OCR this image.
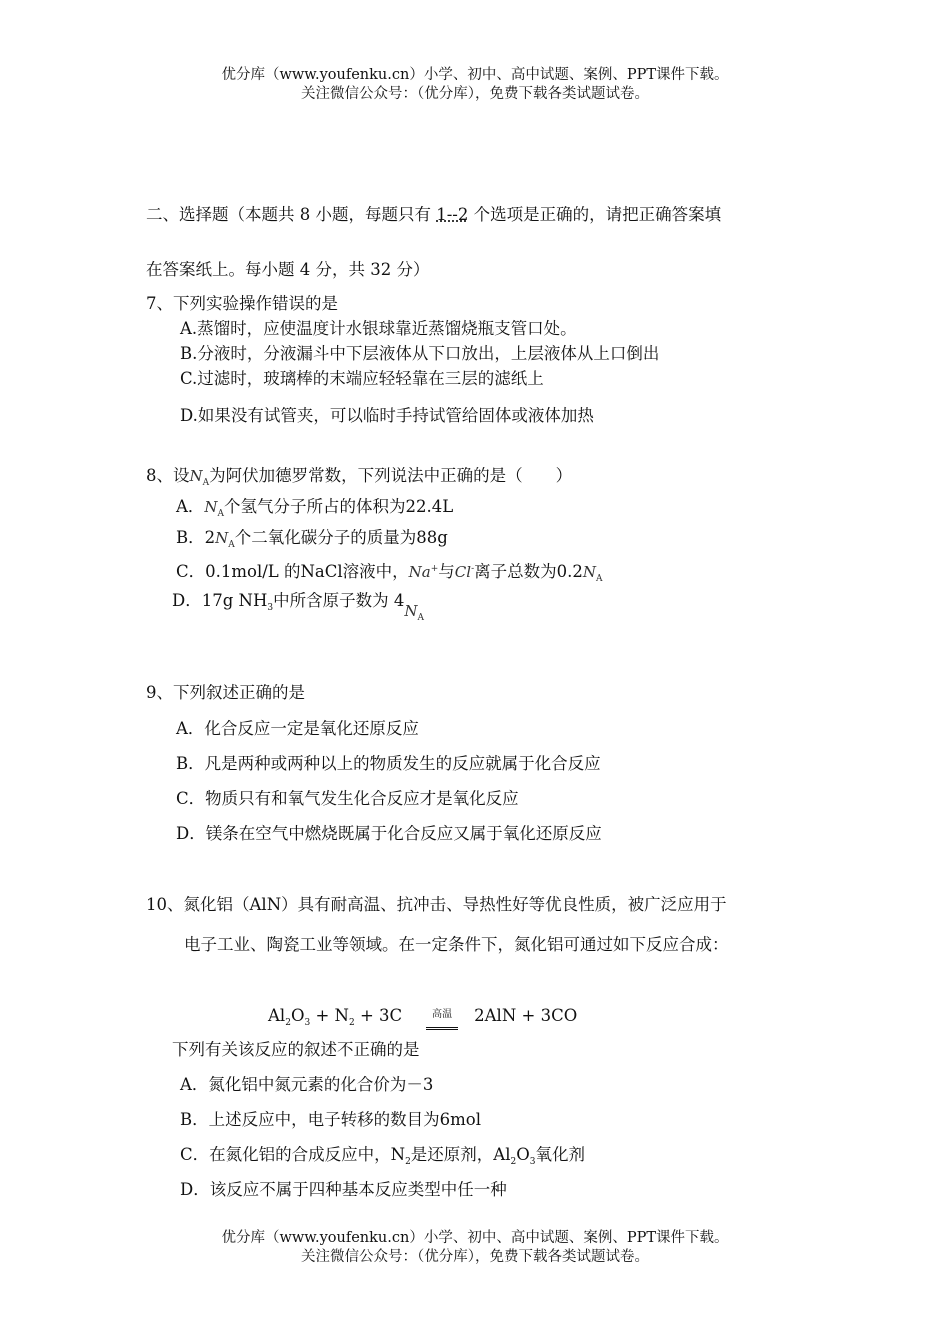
优分库（www.youfenku.cn）小学、初中、高中试题、案例、PPT课件下载。
关注微信公众号：（优分库），免费下载各类试题试卷。
二、选择题（本题共 8 小题，每题只有 1--2 个选项是正确的，请把正确答案填
在答案纸上。每小题 4 分，共 32 分）
7、下列实验操作错误的是
A.蒸馏时，应使温度计水银球靠近蒸馏烧瓶支管口处。
B.分液时，分液漏斗中下层液体从下口放出，上层液体从上口倒出
C.过滤时，玻璃棒的末端应轻轻靠在三层的滤纸上
D.如果没有试管夹，可以临时手持试管给固体或液体加热
8、设$N_A$为阿伏加德罗常数，下列说法中正确的是（　　）
A．$N_A$个氢气分子所占的体积为22.4L
B．$2N_A$个二氧化碳分子的质量为88g
C．0.1mol/L 的NaCl溶液中，Na+与Cl-离子总数为$0.2N_A$
D．17g $NH_3$中所含原子数为 $4N_A$
9、下列叙述正确的是
A．化合反应一定是氧化还原反应
B．凡是两种或两种以上的物质发生的反应就属于化合反应
C．物质只有和氧气发生化合反应才是氧化反应
D．镁条在空气中燃烧既属于化合反应又属于氧化还原反应
10、氮化铝（AlN）具有耐高温、抗冲击、导热性好等优良性质，被广泛应用于
电子工业、陶瓷工业等领域。在一定条件下，氮化铝可通过如下反应合成：
$Al_2O_3 + N_2 + 3C$	高温 2AlN + 3CO
下列有关该反应的叙述不正确的是
A．氮化铝中氮元素的化合价为－3
B．上述反应中，电子转移的数目为6mol
C．在氮化铝的合成反应中，$N_2$是还原剂，$Al_2O_3$氧化剂
D．该反应不属于四种基本反应类型中任一种
优分库（www.youfenku.cn）小学、初中、高中试题、案例、PPT课件下载。
关注微信公众号：（优分库），免费下载各类试题试卷。
